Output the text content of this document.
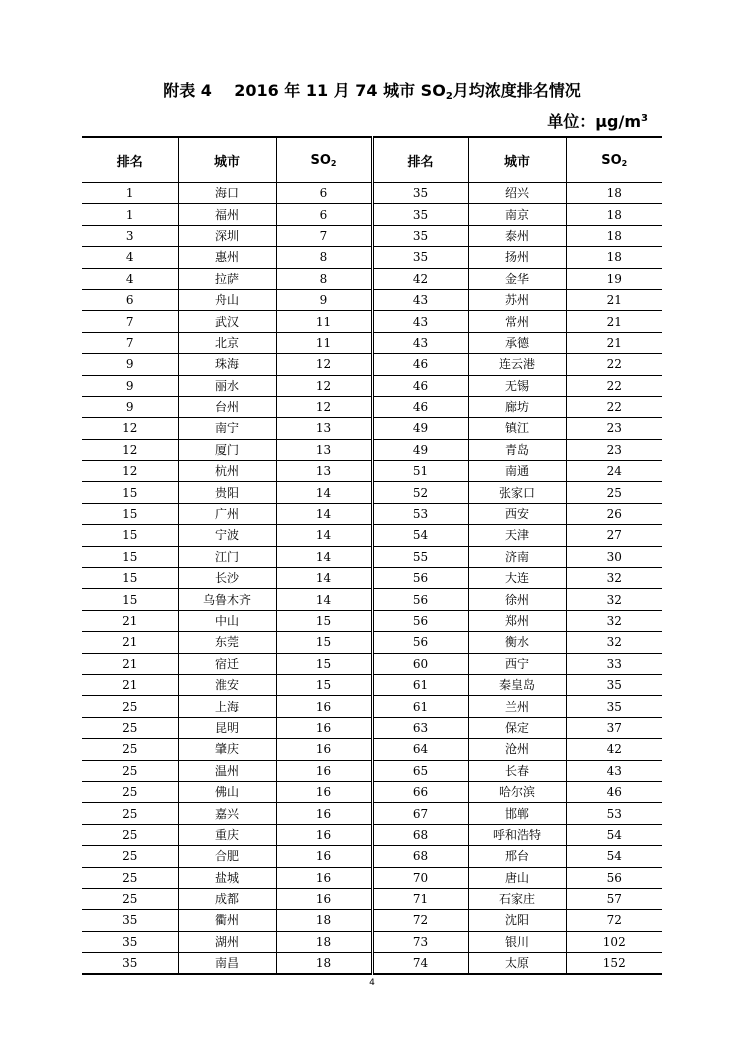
附表 4 2016 年 11 月 74 城市 $SO_2$月均浓度排名情况
单位：$\mu g/m^3$
排名	城市	$SO_2$	排名	城市	$SO_2$
1	海口	6	35	绍兴	18
1	福州	6	35	南京	18
3	深圳	7	35	泰州	18
4	惠州	8	35	扬州	18
4	拉萨	8	42	金华	19
6	舟山	9	43	苏州	21
7	武汉	11	43	常州	21
7	北京	11	43	承德	21
9	珠海	12	46	连云港	22
9	丽水	12	46	无锡	22
9	台州	12	46	廊坊	22
12	南宁	13	49	镇江	23
12	厦门	13	49	青岛	23
12	杭州	13	51	南通	24
15	贵阳	14	52	张家口	25
15	广州	14	53	西安	26
15	宁波	14	54	天津	27
15	江门	14	55	济南	30
15	长沙	14	56	大连	32
15	乌鲁木齐	14	56	徐州	32
21	中山	15	56	郑州	32
21	东莞	15	56	衡水	32
21	宿迁	15	60	西宁	33
21	淮安	15	61	秦皇岛	35
25	上海	16	61	兰州	35
25	昆明	16	63	保定	37
25	肇庆	16	64	沧州	42
25	温州	16	65	长春	43
25	佛山	16	66	哈尔滨	46
25	嘉兴	16	67	邯郸	53
25	重庆	16	68	呼和浩特	54
25	合肥	16	68	邢台	54
25	盐城	16	70	唐山	56
25	成都	16	71	石家庄	57
35	衢州	18	72	沈阳	72
35	湖州	18	73	银川	102
35	南昌	18	74	太原	152
4
